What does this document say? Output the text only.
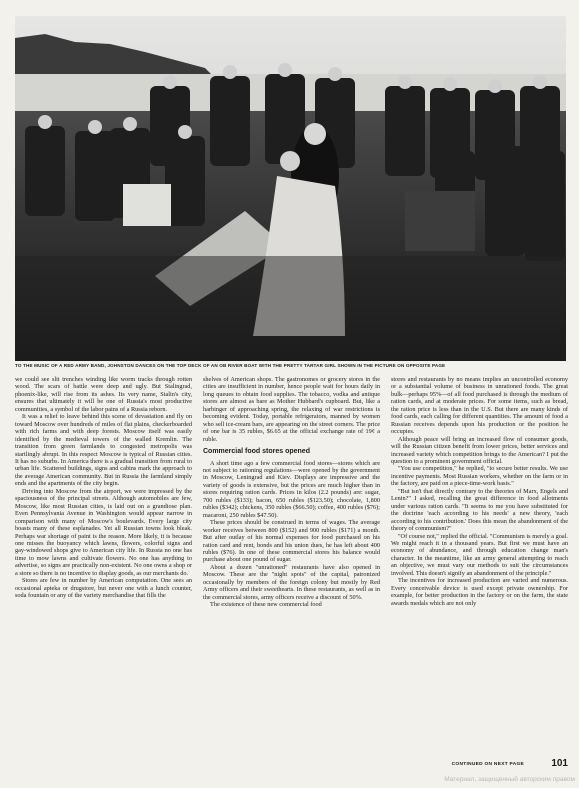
TO THE MUSIC OF A RED ARMY BAND, JOHNSTON DANCES ON THE TOP DECK OF AN OB RIVER BOAT WITH THE PRETTY TARTAR GIRL SHOWN IN THE PICTURE ON OPPOSITE PAGE

we could see slit trenches winding like worm tracks through rotten wood. The scars of battle were deep and ugly. But Stalingrad, phoenix-like, will rise from its ashes. Its very name, Stalin's city, ensures that ultimately it will be one of Russia's most productive communities, a symbol of the labor pains of a Russia reborn.

It was a relief to leave behind this scene of devastation and fly on toward Moscow over hundreds of miles of flat plains, checkerboarded with rich farms and with deep forests. Moscow itself was easily identified by the medieval towers of the walled Kremlin. The transition from green farmlands to congested metropolis was startlingly abrupt. In this respect Moscow is typical of Russian cities. It has no suburbs. In America there is a gradual transition from rural to urban life. Scattered buildings, signs and cabins mark the approach to the average American community. But in Russia the farmland simply ends and the apartments of the city begin.

Driving into Moscow from the airport, we were impressed by the spaciousness of the principal streets. Although automobiles are few, Moscow, like most Russian cities, is laid out on a grandiose plan. Even Pennsylvania Avenue in Washington would appear narrow in comparison with many of Moscow's boulevards. Every large city boasts many of these esplanades. Yet all Russian towns look bleak. Perhaps war shortage of paint is the reason. More likely, it is because one misses the buoyancy which lawns, flowers, colorful signs and gay-windowed shops give to American city life. In Russia no one has time to mow lawns and cultivate flowers. No one has anything to advertise, so signs are practically non-existent. No one owns a shop or a store so there is no incentive to display goods, as our merchants do.

Stores are few in number by American computation. One sees an occasional apteka or drugstore, but never one with a lunch counter, soda fountain or any of the variety merchandise that fills the

shelves of American shops. The gastronomes or grocery stores in the cities are insufficient in number, hence people wait for hours daily in long queues to obtain food supplies. The tobacco, vodka and antique stores are almost as bare as Mother Hubbard's cupboard. But, like a harbinger of approaching spring, the relaxing of war restrictions is becoming evident. Today, portable refrigerators, manned by women who sell ice-cream bars, are appearing on the street corners. The price of one bar is 35 rubles, $6.65 at the official exchange rate of 19¢ a ruble.

Commercial food stores opened

A short time ago a few commercial food stores—stores which are not subject to rationing regulations—were opened by the government in Moscow, Leningrad and Kiev. Displays are impressive and the variety of goods is extensive, but the prices are much higher than in stores requiring ration cards. Prices in kilos (2.2 pounds) are: sugar, 700 rubles ($133); bacon, 650 rubles ($123.50); chocolate, 1,800 rubles ($342); chickens, 350 rubles ($66.50); coffee, 400 rubles ($76); macaroni, 250 rubles $47.50).

These prices should be construed in terms of wages. The average worker receives between 800 ($152) and 900 rubles ($171) a month. But after outlay of his normal expenses for food purchased on his ration card and rent, bonds and his union dues, he has left about 400 rubles ($76). In one of these commercial stores his balance would purchase about one pound of sugar.

About a dozen "unrationed" restaurants have also opened in Moscow. These are the "night spots" of the capital, patronized occasionally by members of the foreign colony but mostly by Red Army officers and their sweethearts. In these restaurants, as well as in the commercial stores, army officers receive a discount of 50%.

The existence of these new commercial food

stores and restaurants by no means implies an uncontrolled economy or a substantial volume of business in unrationed foods. The great bulk—perhaps 95%—of all food purchased is through the medium of ration cards, and at moderate prices. For some items, such as bread, the ration price is less than in the U.S. But there are many kinds of food cards, each calling for different quantities. The amount of food a Russian receives depends upon his production or the position he occupies.

Although peace will bring an increased flow of consumer goods, will the Russian citizen benefit from lower prices, better services and increased variety which competition brings to the American? I put the question to a prominent government official.

"You use competition," he replied, "to secure better results. We use incentive payments. Most Russian workers, whether on the farm or in the factory, are paid on a piece-time-work basis."

"But isn't that directly contrary to the theories of Marx, Engels and Lenin?" I asked, recalling the great difference in food allotments under various ration cards. "It seems to me you have substituted for the doctrine 'each according to his needs' a new theory, 'each according to his contribution.' Does this mean the abandonment of the theory of communism?"

"Of course not," replied the official. "Communism is merely a goal. We might reach it in a thousand years. But first we must have an economy of abundance, and through education change man's character. In the meantime, like an army general attempting to reach an objective, we must vary our methods to suit the circumstances involved. This doesn't signify an abandonment of the principle."

The incentives for increased production are varied and numerous. Every conceivable device is used except private ownership. For example, for better production in the factory or on the farm, the state awards medals which are not only

CONTINUED ON NEXT PAGE	101
Материал, защищенный авторским правом
